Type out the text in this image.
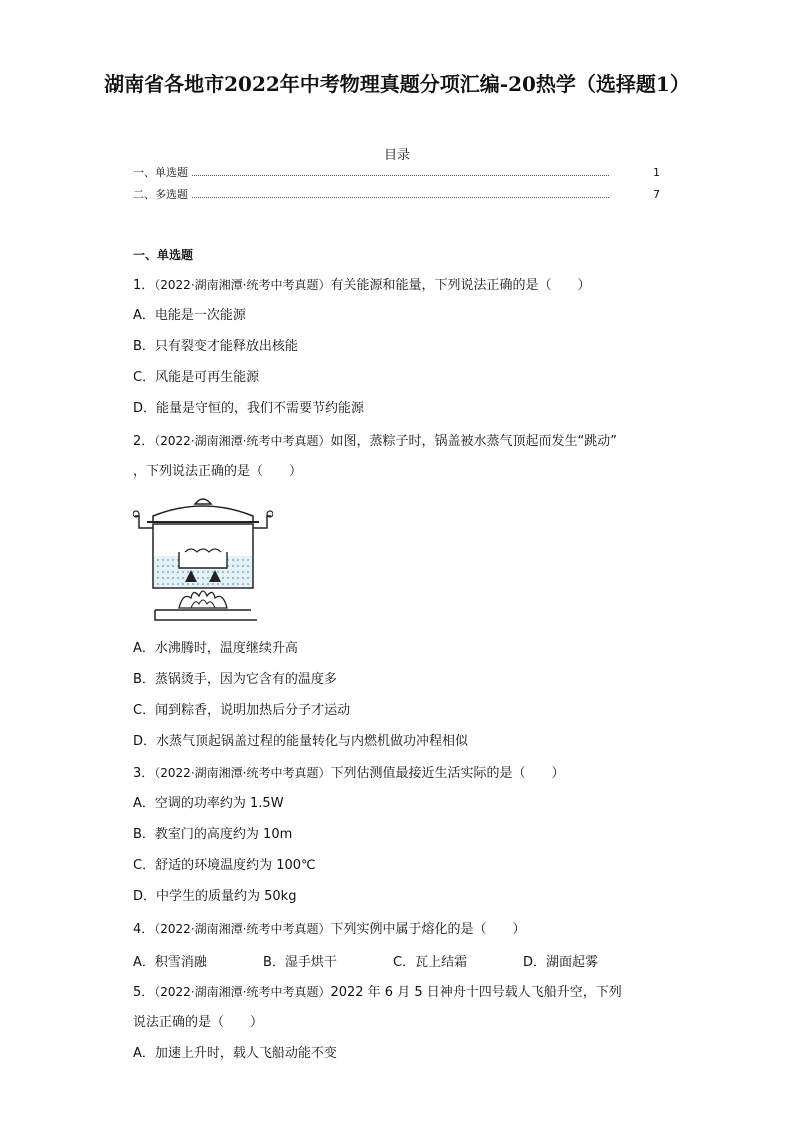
湖南省各地市2022年中考物理真题分项汇编-20热学（选择题1）
目录
一、单选题	1
二、多选题	7
一、单选题
1．（2022·湖南湘潭·统考中考真题）有关能源和能量，下列说法正确的是（　　）
A．电能是一次能源
B．只有裂变才能释放出核能
C．风能是可再生能源
D．能量是守恒的，我们不需要节约能源
2．（2022·湖南湘潭·统考中考真题）如图，蒸粽子时，锅盖被水蒸气顶起而发生“跳动”
，下列说法正确的是（　　）
A．水沸腾时，温度继续升高
B．蒸锅烫手，因为它含有的温度多
C．闻到粽香，说明加热后分子才运动
D．水蒸气顶起锅盖过程的能量转化与内燃机做功冲程相似
3．（2022·湖南湘潭·统考中考真题）下列估测值最接近生活实际的是（　　）
A．空调的功率约为 1.5W
B．教室门的高度约为 10m
C．舒适的环境温度约为 100℃
D．中学生的质量约为 50kg
4．（2022·湖南湘潭·统考中考真题）下列实例中属于熔化的是（　　）
A．积雪消融	B．湿手烘干	C．瓦上结霜	D．湖面起雾
5．（2022·湖南湘潭·统考中考真题）2022 年 6 月 5 日神舟十四号载人飞船升空，下列
说法正确的是（　　）
A．加速上升时，载人飞船动能不变
